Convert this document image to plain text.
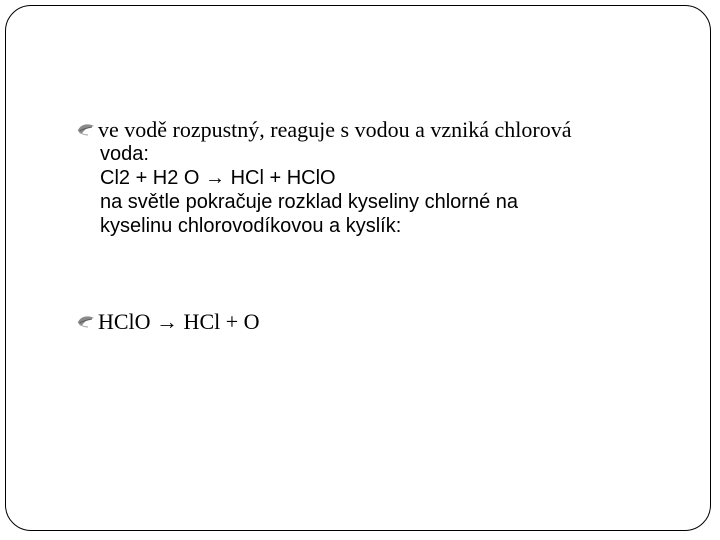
ve vodě rozpustný, reaguje s vodou a vzniká chlorová
voda:
Cl2 + H2 O → HCl + HClO
na světle pokračuje rozklad kyseliny chlorné na
kyselinu chlorovodíkovou a kyslík:
HClO → HCl + O
